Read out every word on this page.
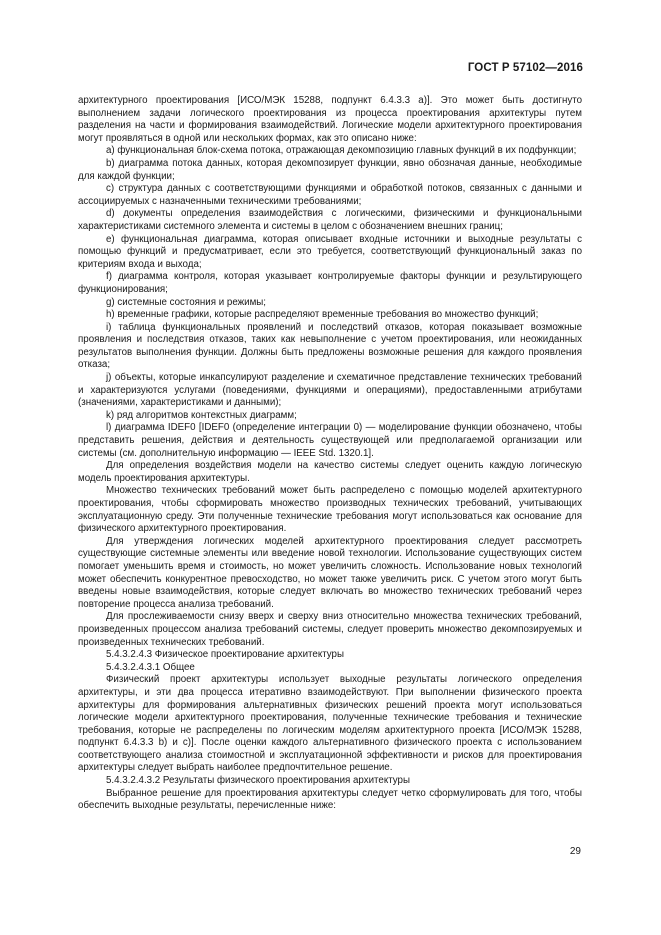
ГОСТ Р 57102—2016

архитектурного проектирования [ИСО/МЭК 15288, подпункт 6.4.3.3 а)]. Это может быть достигнуто выполнением задачи логического проектирования из процесса проектирования архитектуры путем разделения на части и формирования взаимодействий. Логические модели архитектурного проектирования могут проявляться в одной или нескольких формах, как это описано ниже:

a) функциональная блок-схема потока, отражающая декомпозицию главных функций в их подфункции;

b) диаграмма потока данных, которая декомпозирует функции, явно обозначая данные, необходимые для каждой функции;

c) структура данных с соответствующими функциями и обработкой потоков, связанных с данными и ассоциируемых с назначенными техническими требованиями;

d) документы определения взаимодействия с логическими, физическими и функциональными характеристиками системного элемента и системы в целом с обозначением внешних границ;

e) функциональная диаграмма, которая описывает входные источники и выходные результаты с помощью функций и предусматривает, если это требуется, соответствующий функциональный заказ по критериям входа и выхода;

f) диаграмма контроля, которая указывает контролируемые факторы функции и результирующего функционирования;

g) системные состояния и режимы;

h) временные графики, которые распределяют временные требования во множество функций;

i) таблица функциональных проявлений и последствий отказов, которая показывает возможные проявления и последствия отказов, таких как невыполнение с учетом проектирования, или неожиданных результатов выполнения функции. Должны быть предложены возможные решения для каждого проявления отказа;

j) объекты, которые инкапсулируют разделение и схематичное представление технических требований и характеризуются услугами (поведениями, функциями и операциями), предоставленными атрибутами (значениями, характеристиками и данными);

k) ряд алгоритмов контекстных диаграмм;

l) диаграмма IDEF0 [IDEF0 (определение интеграции 0) — моделирование функции обозначено, чтобы представить решения, действия и деятельность существующей или предполагаемой организации или системы (см. дополнительную информацию — IEEE Std. 1320.1].

Для определения воздействия модели на качество системы следует оценить каждую логическую модель проектирования архитектуры.

Множество технических требований может быть распределено с помощью моделей архитектурного проектирования, чтобы сформировать множество производных технических требований, учитывающих эксплуатационную среду. Эти полученные технические требования могут использоваться как основание для физического архитектурного проектирования.

Для утверждения логических моделей архитектурного проектирования следует рассмотреть существующие системные элементы или введение новой технологии. Использование существующих систем помогает уменьшить время и стоимость, но может увеличить сложность. Использование новых технологий может обеспечить конкурентное превосходство, но может также увеличить риск. С учетом этого могут быть введены новые взаимодействия, которые следует включать во множество технических требований через повторение процесса анализа требований.

Для прослеживаемости снизу вверх и сверху вниз относительно множества технических требований, произведенных процессом анализа требований системы, следует проверить множество декомпозируемых и произведенных технических требований.

5.4.3.2.4.3 Физическое проектирование архитектуры

5.4.3.2.4.3.1 Общее

Физический проект архитектуры использует выходные результаты логического определения архитектуры, и эти два процесса итеративно взаимодействуют. При выполнении физического проекта архитектуры для формирования альтернативных физических решений проекта могут использоваться логические модели архитектурного проектирования, полученные технические требования и технические требования, которые не распределены по логическим моделям архитектурного проекта [ИСО/МЭК 15288, подпункт 6.4.3.3 b) и c)]. После оценки каждого альтернативного физического проекта с использованием соответствующего анализа стоимостной и эксплуатационной эффективности и рисков для проектирования архитектуры следует выбрать наиболее предпочтительное решение.

5.4.3.2.4.3.2 Результаты физического проектирования архитектуры

Выбранное решение для проектирования архитектуры следует четко сформулировать для того, чтобы обеспечить выходные результаты, перечисленные ниже:

29
